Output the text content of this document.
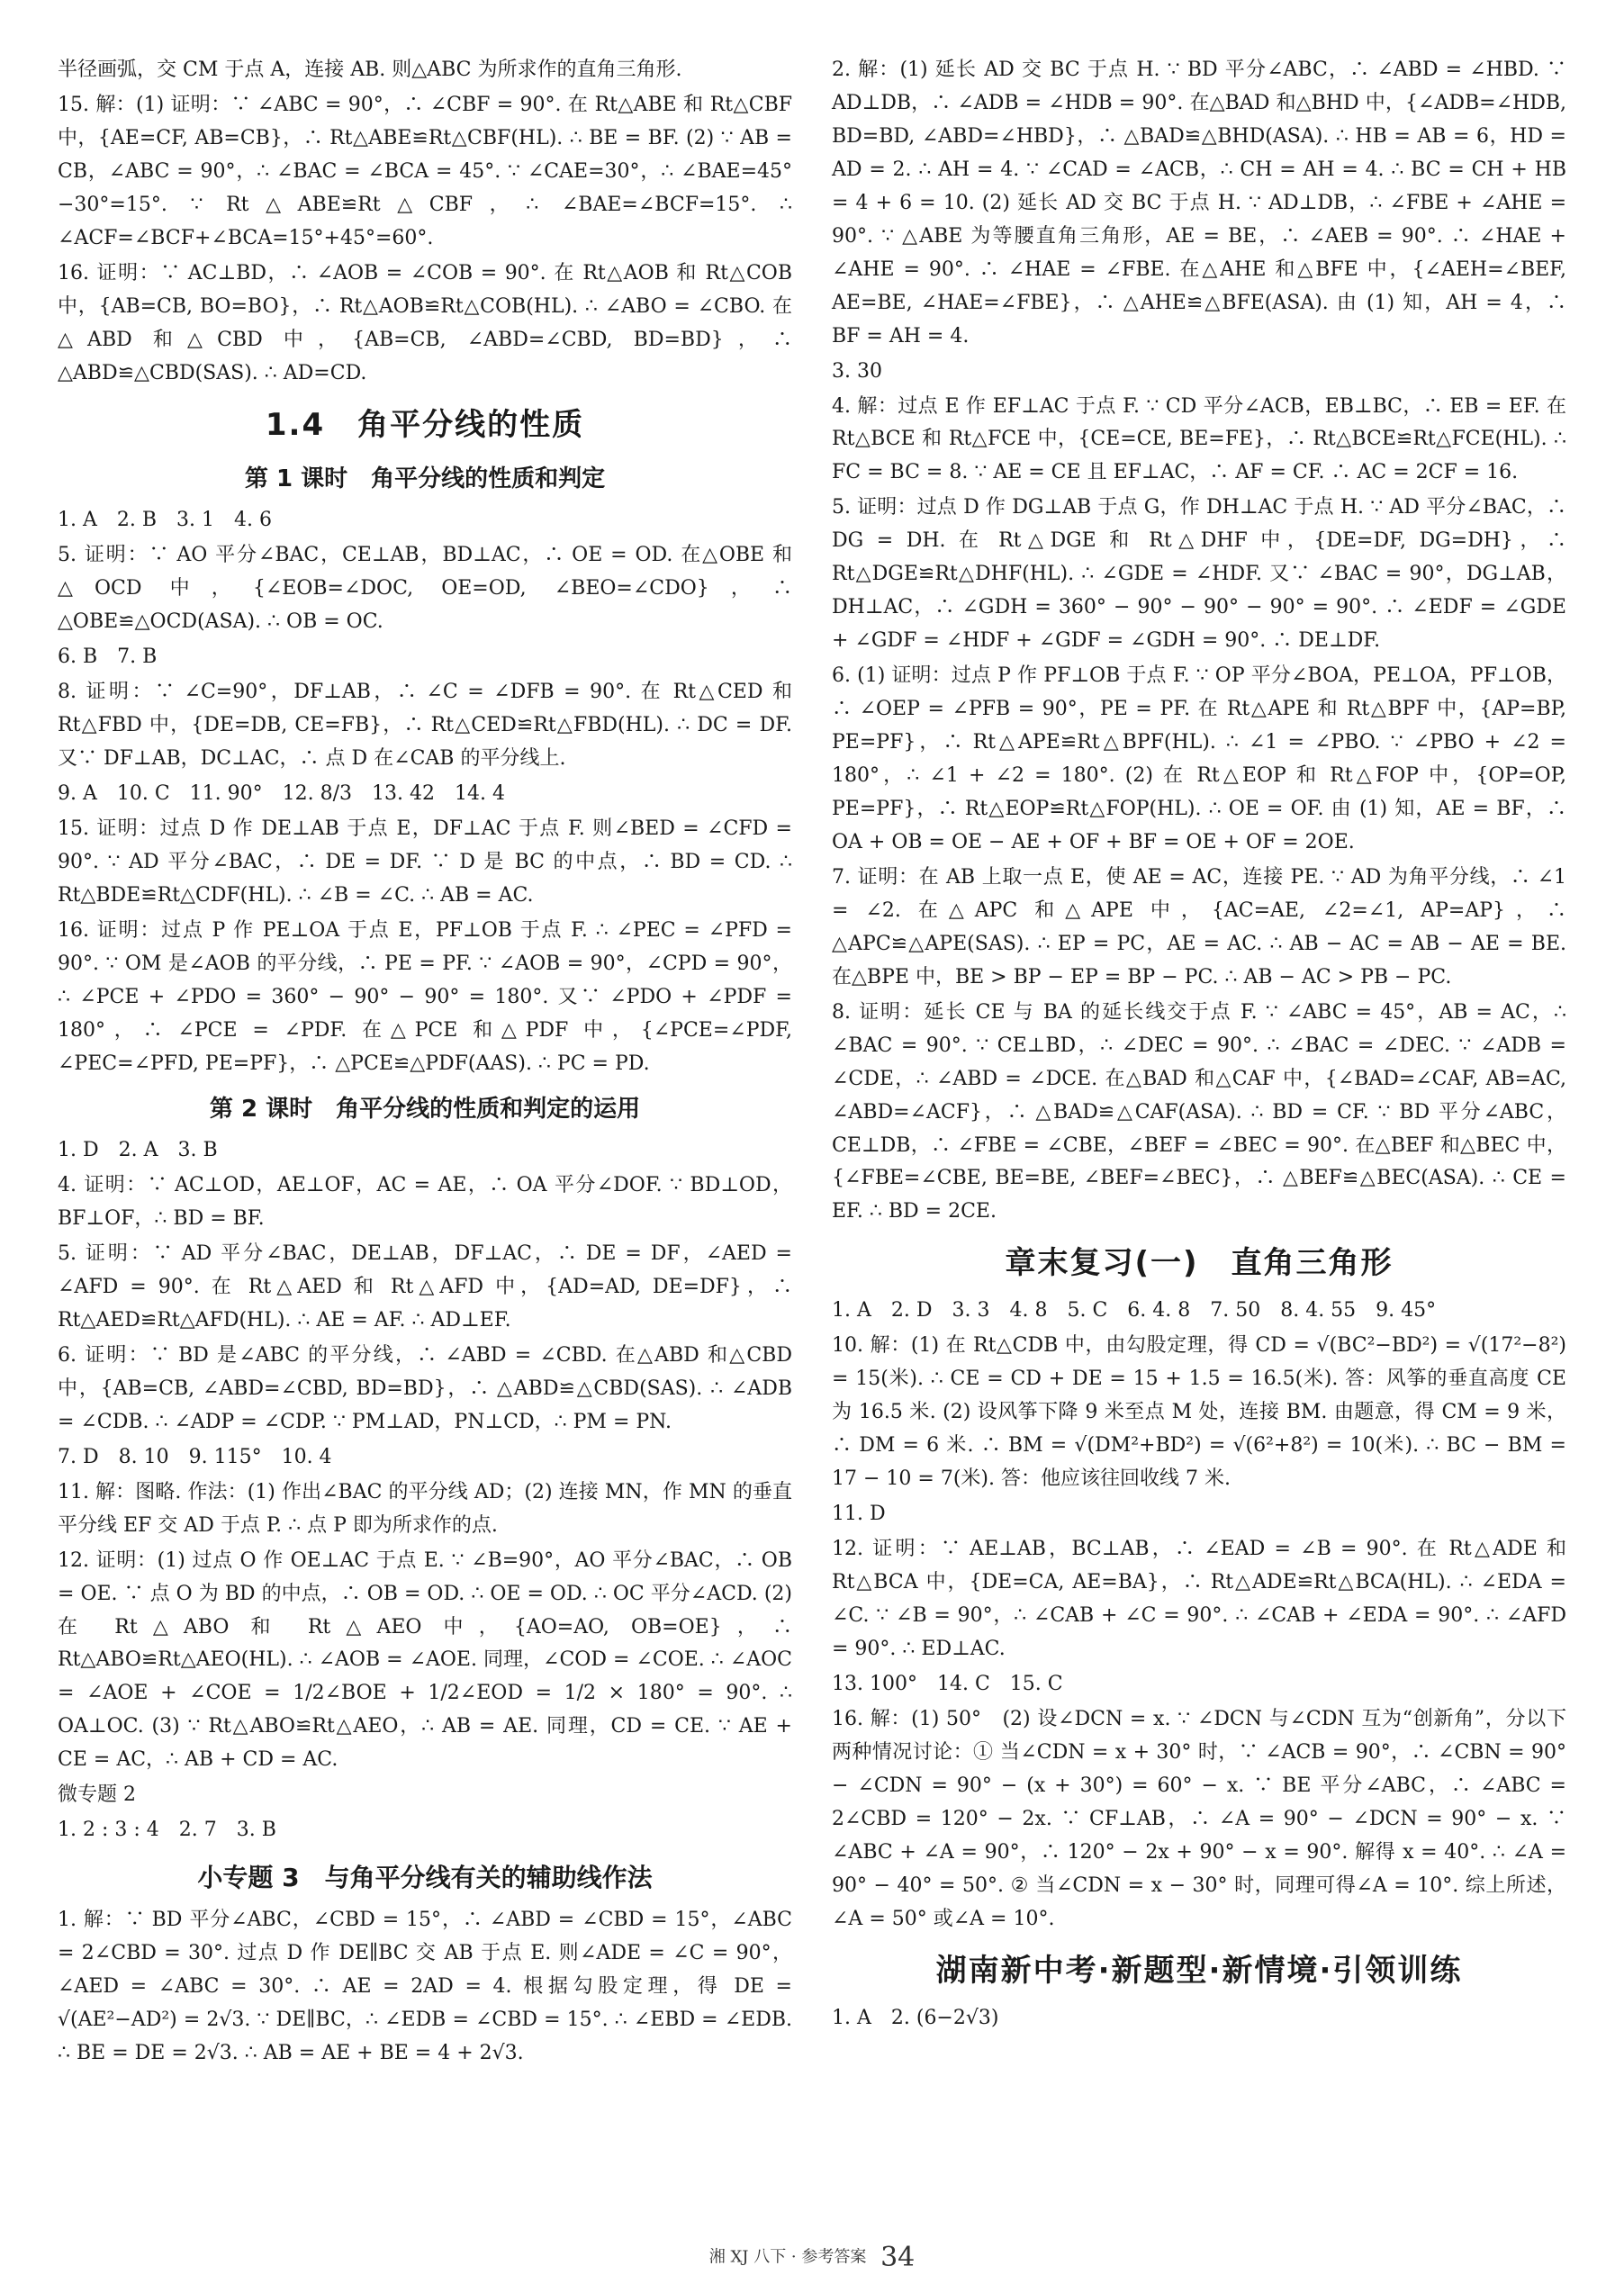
半径画弧，交 CM 于点 A，连接 AB. 则△ABC 为所求作的直角三角形.
15. 解：(1) 证明：∵ ∠ABC = 90°，∴ ∠CBF = 90°. 在 Rt△ABE 和 Rt△CBF 中，{AE=CF, AB=CB}，∴ Rt△ABE≌Rt△CBF(HL). ∴ BE = BF. (2) ∵ AB = CB，∠ABC = 90°，∴ ∠BAC = ∠BCA = 45°. ∵ ∠CAE=30°，∴ ∠BAE=45°−30°=15°. ∵ Rt△ABE≌Rt△CBF，∴ ∠BAE=∠BCF=15°. ∴ ∠ACF=∠BCF+∠BCA=15°+45°=60°.
16. 证明：∵ AC⊥BD，∴ ∠AOB = ∠COB = 90°. 在 Rt△AOB 和 Rt△COB 中，{AB=CB, BO=BO}，∴ Rt△AOB≌Rt△COB(HL). ∴ ∠ABO = ∠CBO. 在△ABD 和△CBD 中，{AB=CB, ∠ABD=∠CBD, BD=BD}，∴ △ABD≌△CBD(SAS). ∴ AD=CD.
1.4　角平分线的性质
第 1 课时　角平分线的性质和判定
1. A　2. B　3. 1　4. 6
5. 证明：∵ AO 平分∠BAC，CE⊥AB，BD⊥AC，∴ OE = OD. 在△OBE 和△OCD 中，{∠EOB=∠DOC, OE=OD, ∠BEO=∠CDO}，∴ △OBE≌△OCD(ASA). ∴ OB = OC.
6. B　7. B
8. 证明：∵ ∠C=90°，DF⊥AB，∴ ∠C = ∠DFB = 90°. 在 Rt△CED 和 Rt△FBD 中，{DE=DB, CE=FB}，∴ Rt△CED≌Rt△FBD(HL). ∴ DC = DF. 又∵ DF⊥AB，DC⊥AC，∴ 点 D 在∠CAB 的平分线上.
9. A　10. C　11. 90°　12. 8/3　13. 42　14. 4
15. 证明：过点 D 作 DE⊥AB 于点 E，DF⊥AC 于点 F. 则∠BED = ∠CFD = 90°. ∵ AD 平分∠BAC，∴ DE = DF. ∵ D 是 BC 的中点，∴ BD = CD. ∴ Rt△BDE≌Rt△CDF(HL). ∴ ∠B = ∠C. ∴ AB = AC.
16. 证明：过点 P 作 PE⊥OA 于点 E，PF⊥OB 于点 F. ∴ ∠PEC = ∠PFD = 90°. ∵ OM 是∠AOB 的平分线，∴ PE = PF. ∵ ∠AOB = 90°，∠CPD = 90°，∴ ∠PCE + ∠PDO = 360° − 90° − 90° = 180°. 又∵ ∠PDO + ∠PDF = 180°，∴ ∠PCE = ∠PDF. 在△PCE 和△PDF 中，{∠PCE=∠PDF, ∠PEC=∠PFD, PE=PF}，∴ △PCE≌△PDF(AAS). ∴ PC = PD.
第 2 课时　角平分线的性质和判定的运用
1. D　2. A　3. B
4. 证明：∵ AC⊥OD，AE⊥OF，AC = AE，∴ OA 平分∠DOF. ∵ BD⊥OD，BF⊥OF，∴ BD = BF.
5. 证明：∵ AD 平分∠BAC，DE⊥AB，DF⊥AC，∴ DE = DF，∠AED = ∠AFD = 90°. 在 Rt△AED 和 Rt△AFD 中，{AD=AD, DE=DF}，∴ Rt△AED≌Rt△AFD(HL). ∴ AE = AF. ∴ AD⊥EF.
6. 证明：∵ BD 是∠ABC 的平分线，∴ ∠ABD = ∠CBD. 在△ABD 和△CBD 中，{AB=CB, ∠ABD=∠CBD, BD=BD}，∴ △ABD≌△CBD(SAS). ∴ ∠ADB = ∠CDB. ∴ ∠ADP = ∠CDP. ∵ PM⊥AD，PN⊥CD，∴ PM = PN.
7. D　8. 10　9. 115°　10. 4
11. 解：图略. 作法：(1) 作出∠BAC 的平分线 AD；(2) 连接 MN，作 MN 的垂直平分线 EF 交 AD 于点 P. ∴ 点 P 即为所求作的点.
12. 证明：(1) 过点 O 作 OE⊥AC 于点 E. ∵ ∠B=90°，AO 平分∠BAC，∴ OB = OE. ∵ 点 O 为 BD 的中点，∴ OB = OD. ∴ OE = OD. ∴ OC 平分∠ACD. (2) 在 Rt△ABO 和 Rt△AEO 中，{AO=AO, OB=OE}，∴ Rt△ABO≌Rt△AEO(HL). ∴ ∠AOB = ∠AOE. 同理，∠COD = ∠COE. ∴ ∠AOC = ∠AOE + ∠COE = 1/2∠BOE + 1/2∠EOD = 1/2 × 180° = 90°. ∴ OA⊥OC. (3) ∵ Rt△ABO≌Rt△AEO，∴ AB = AE. 同理，CD = CE. ∵ AE + CE = AC，∴ AB + CD = AC.
微专题 2
1. 2 : 3 : 4　2. 7　3. B
小专题 3　与角平分线有关的辅助线作法
1. 解：∵ BD 平分∠ABC，∠CBD = 15°，∴ ∠ABD = ∠CBD = 15°，∠ABC = 2∠CBD = 30°. 过点 D 作 DE∥BC 交 AB 于点 E. 则∠ADE = ∠C = 90°，∠AED = ∠ABC = 30°. ∴ AE = 2AD = 4. 根据勾股定理，得 DE = √(AE²−AD²) = 2√3. ∵ DE∥BC，∴ ∠EDB = ∠CBD = 15°. ∴ ∠EBD = ∠EDB. ∴ BE = DE = 2√3. ∴ AB = AE + BE = 4 + 2√3.
2. 解：(1) 延长 AD 交 BC 于点 H. ∵ BD 平分∠ABC，∴ ∠ABD = ∠HBD. ∵ AD⊥DB，∴ ∠ADB = ∠HDB = 90°. 在△BAD 和△BHD 中，{∠ADB=∠HDB, BD=BD, ∠ABD=∠HBD}，∴ △BAD≌△BHD(ASA). ∴ HB = AB = 6，HD = AD = 2. ∴ AH = 4. ∵ ∠CAD = ∠ACB，∴ CH = AH = 4. ∴ BC = CH + HB = 4 + 6 = 10. (2) 延长 AD 交 BC 于点 H. ∵ AD⊥DB，∴ ∠FBE + ∠AHE = 90°. ∵ △ABE 为等腰直角三角形，AE = BE，∴ ∠AEB = 90°. ∴ ∠HAE + ∠AHE = 90°. ∴ ∠HAE = ∠FBE. 在△AHE 和△BFE 中，{∠AEH=∠BEF, AE=BE, ∠HAE=∠FBE}，∴ △AHE≌△BFE(ASA). 由 (1) 知，AH = 4，∴ BF = AH = 4.
3. 30
4. 解：过点 E 作 EF⊥AC 于点 F. ∵ CD 平分∠ACB，EB⊥BC，∴ EB = EF. 在 Rt△BCE 和 Rt△FCE 中，{CE=CE, BE=FE}，∴ Rt△BCE≌Rt△FCE(HL). ∴ FC = BC = 8. ∵ AE = CE 且 EF⊥AC，∴ AF = CF. ∴ AC = 2CF = 16.
5. 证明：过点 D 作 DG⊥AB 于点 G，作 DH⊥AC 于点 H. ∵ AD 平分∠BAC，∴ DG = DH. 在 Rt△DGE 和 Rt△DHF 中，{DE=DF, DG=DH}，∴ Rt△DGE≌Rt△DHF(HL). ∴ ∠GDE = ∠HDF. 又∵ ∠BAC = 90°，DG⊥AB，DH⊥AC，∴ ∠GDH = 360° − 90° − 90° − 90° = 90°. ∴ ∠EDF = ∠GDE + ∠GDF = ∠HDF + ∠GDF = ∠GDH = 90°. ∴ DE⊥DF.
6. (1) 证明：过点 P 作 PF⊥OB 于点 F. ∵ OP 平分∠BOA，PE⊥OA，PF⊥OB，∴ ∠OEP = ∠PFB = 90°，PE = PF. 在 Rt△APE 和 Rt△BPF 中，{AP=BP, PE=PF}，∴ Rt△APE≌Rt△BPF(HL). ∴ ∠1 = ∠PBO. ∵ ∠PBO + ∠2 = 180°，∴ ∠1 + ∠2 = 180°. (2) 在 Rt△EOP 和 Rt△FOP 中，{OP=OP, PE=PF}，∴ Rt△EOP≌Rt△FOP(HL). ∴ OE = OF. 由 (1) 知，AE = BF，∴ OA + OB = OE − AE + OF + BF = OE + OF = 2OE.
7. 证明：在 AB 上取一点 E，使 AE = AC，连接 PE. ∵ AD 为角平分线，∴ ∠1 = ∠2. 在△APC 和△APE 中，{AC=AE, ∠2=∠1, AP=AP}，∴ △APC≌△APE(SAS). ∴ EP = PC，AE = AC. ∴ AB − AC = AB − AE = BE. 在△BPE 中，BE > BP − EP = BP − PC. ∴ AB − AC > PB − PC.
8. 证明：延长 CE 与 BA 的延长线交于点 F. ∵ ∠ABC = 45°，AB = AC，∴ ∠BAC = 90°. ∵ CE⊥BD，∴ ∠DEC = 90°. ∴ ∠BAC = ∠DEC. ∵ ∠ADB = ∠CDE，∴ ∠ABD = ∠DCE. 在△BAD 和△CAF 中，{∠BAD=∠CAF, AB=AC, ∠ABD=∠ACF}，∴ △BAD≌△CAF(ASA). ∴ BD = CF. ∵ BD 平分∠ABC，CE⊥DB，∴ ∠FBE = ∠CBE，∠BEF = ∠BEC = 90°. 在△BEF 和△BEC 中，{∠FBE=∠CBE, BE=BE, ∠BEF=∠BEC}，∴ △BEF≌△BEC(ASA). ∴ CE = EF. ∴ BD = 2CE.
章末复习(一)　直角三角形
1. A　2. D　3. 3　4. 8　5. C　6. 4. 8　7. 50　8. 4. 55　9. 45°
10. 解：(1) 在 Rt△CDB 中，由勾股定理，得 CD = √(BC²−BD²) = √(17²−8²) = 15(米). ∴ CE = CD + DE = 15 + 1.5 = 16.5(米). 答：风筝的垂直高度 CE 为 16.5 米. (2) 设风筝下降 9 米至点 M 处，连接 BM. 由题意，得 CM = 9 米，∴ DM = 6 米. ∴ BM = √(DM²+BD²) = √(6²+8²) = 10(米). ∴ BC − BM = 17 − 10 = 7(米). 答：他应该往回收线 7 米.
11. D
12. 证明：∵ AE⊥AB，BC⊥AB，∴ ∠EAD = ∠B = 90°. 在 Rt△ADE 和 Rt△BCA 中，{DE=CA, AE=BA}，∴ Rt△ADE≌Rt△BCA(HL). ∴ ∠EDA = ∠C. ∵ ∠B = 90°，∴ ∠CAB + ∠C = 90°. ∴ ∠CAB + ∠EDA = 90°. ∴ ∠AFD = 90°. ∴ ED⊥AC.
13. 100°　14. C　15. C
16. 解：(1) 50°　(2) 设∠DCN = x. ∵ ∠DCN 与∠CDN 互为“创新角”，分以下两种情况讨论：① 当∠CDN = x + 30° 时，∵ ∠ACB = 90°，∴ ∠CBN = 90° − ∠CDN = 90° − (x + 30°) = 60° − x. ∵ BE 平分∠ABC，∴ ∠ABC = 2∠CBD = 120° − 2x. ∵ CF⊥AB，∴ ∠A = 90° − ∠DCN = 90° − x. ∵ ∠ABC + ∠A = 90°，∴ 120° − 2x + 90° − x = 90°. 解得 x = 40°. ∴ ∠A = 90° − 40° = 50°. ② 当∠CDN = x − 30° 时，同理可得∠A = 10°. 综上所述，∠A = 50° 或∠A = 10°.
湖南新中考·新题型·新情境·引领训练
1. A　2. (6−2√3)
湘 XJ 八下 · 参考答案 34
